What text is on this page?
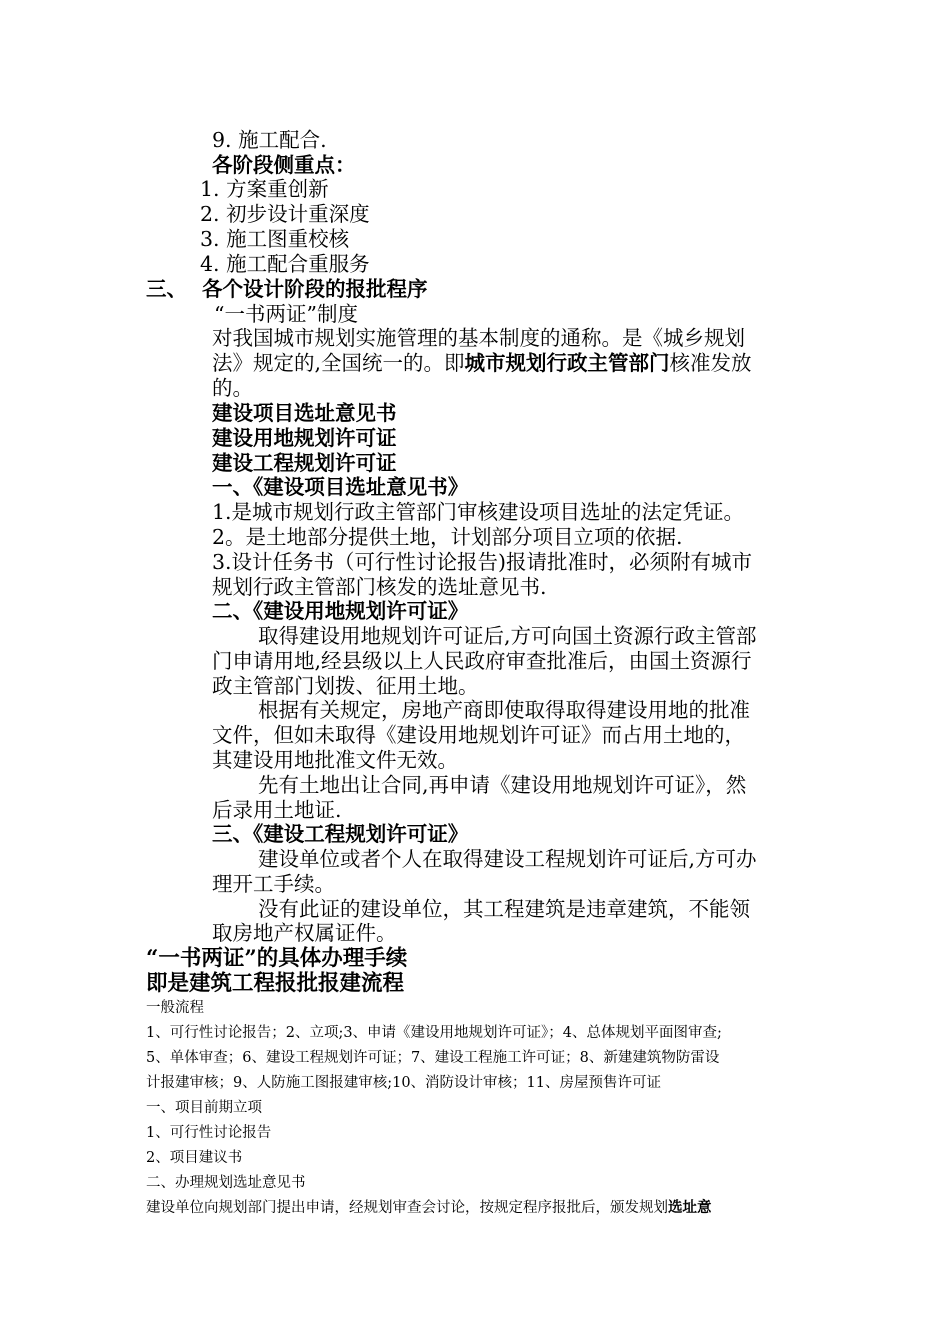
9. 施工配合.
各阶段侧重点：
1. 方案重创新
2. 初步设计重深度
3. 施工图重校核
4. 施工配合重服务
三、 各个设计阶段的报批程序
“一书两证”制度
对我国城市规划实施管理的基本制度的通称。是《城乡规划
法》规定的,全国统一的。即城市规划行政主管部门核准发放
的。
建设项目选址意见书
建设用地规划许可证
建设工程规划许可证
一、《建设项目选址意见书》
1.是城市规划行政主管部门审核建设项目选址的法定凭证。
2。是土地部分提供土地，计划部分项目立项的依据.
3.设计任务书（可行性讨论报告)报请批准时，必须附有城市
规划行政主管部门核发的选址意见书.
二、《建设用地规划许可证》
取得建设用地规划许可证后,方可向国土资源行政主管部
门申请用地,经县级以上人民政府审查批准后，由国土资源行
政主管部门划拨、征用土地。
根据有关规定，房地产商即使取得取得建设用地的批准
文件，但如未取得《建设用地规划许可证》而占用土地的，
其建设用地批准文件无效。
先有土地出让合同,再申请《建设用地规划许可证》，然
后录用土地证.
三、《建设工程规划许可证》
建设单位或者个人在取得建设工程规划许可证后,方可办
理开工手续。
没有此证的建设单位，其工程建筑是违章建筑，不能领
取房地产权属证件。
“一书两证”的具体办理手续
即是建筑工程报批报建流程
一般流程
1、可行性讨论报告；2、立项;3、申请《建设用地规划许可证》；4、总体规划平面图审查;
5、单体审查；6、建设工程规划许可证；7、建设工程施工许可证；8、新建建筑物防雷设
计报建审核；9、人防施工图报建审核;10、消防设计审核；11、房屋预售许可证
一、项目前期立项
1、可行性讨论报告
2、项目建议书
二、办理规划选址意见书
建设单位向规划部门提出申请，经规划审查会讨论，按规定程序报批后，颁发规划选址意
